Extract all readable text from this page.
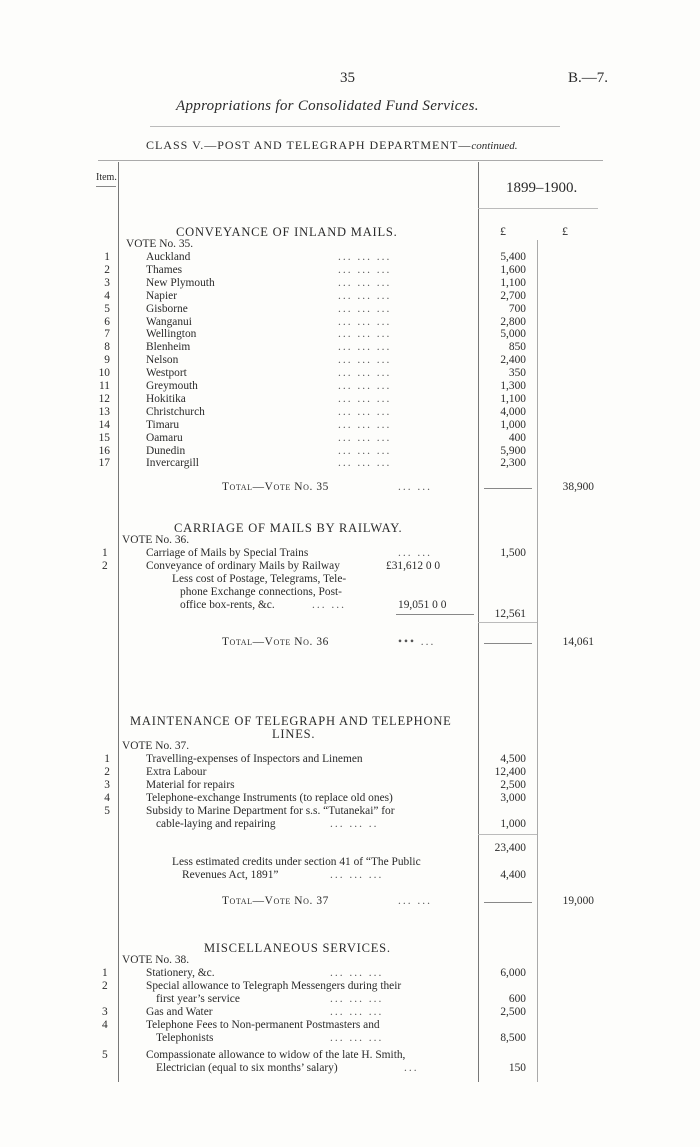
35	B.—7.
Appropriations for Consolidated Fund Services.
CLASS V.—POST AND TELEGRAPH DEPARTMENT—continued.
Item.
1899–1900.
£	£
CONVEYANCE OF INLAND MAILS.
VOTE No. 35.
1	Auckland	... ... ...	5,400
2	Thames	... ... ...	1,600
3	New Plymouth	... ... ...	1,100
4	Napier	... ... ...	2,700
5	Gisborne	... ... ...	700
6	Wanganui	... ... ...	2,800
7	Wellington	... ... ...	5,000
8	Blenheim	... ... ...	850
9	Nelson	... ... ...	2,400
10	Westport	... ... ...	350
11	Greymouth	... ... ...	1,300
12	Hokitika	... ... ...	1,100
13	Christchurch	... ... ...	4,000
14	Timaru	... ... ...	1,000
15	Oamaru	... ... ...	400
16	Dunedin	... ... ...	5,900
17	Invercargill	... ... ...	2,300
Total—Vote No. 35	... ...	38,900
CARRIAGE OF MAILS BY RAILWAY.
VOTE No. 36.
1	Carriage of Mails by Special Trains	... ...	1,500
2	Conveyance of ordinary Mails by Railway	£31,612 0 0
Less cost of Postage, Telegrams, Tele-
phone Exchange connections, Post-
office box-rents, &c.	... ...	19,051 0 0
12,561
Total—Vote No. 36	••• ...	14,061
MAINTENANCE OF TELEGRAPH AND TELEPHONE
LINES.
VOTE No. 37.
1	Travelling-expenses of Inspectors and Linemen	4,500
2	Extra Labour	12,400
3	Material for repairs	2,500
4	Telephone-exchange Instruments (to replace old ones)	3,000
5	Subsidy to Marine Department for s.s. “Tutanekai” for
cable-laying and repairing	... ... ..	1,000
23,400
Less estimated credits under section 41 of “The Public
Revenues Act, 1891”	... ... ...	4,400
Total—Vote No. 37	... ...	19,000
MISCELLANEOUS SERVICES.
VOTE No. 38.
1	Stationery, &c.	... ... ...	6,000
2	Special allowance to Telegraph Messengers during their
first year’s service	... ... ...	600
3	Gas and Water	... ... ...	2,500
4	Telephone Fees to Non-permanent Postmasters and
Telephonists	... ... ...	8,500
5	Compassionate allowance to widow of the late H. Smith,
Electrician (equal to six months’ salary)	...	150
